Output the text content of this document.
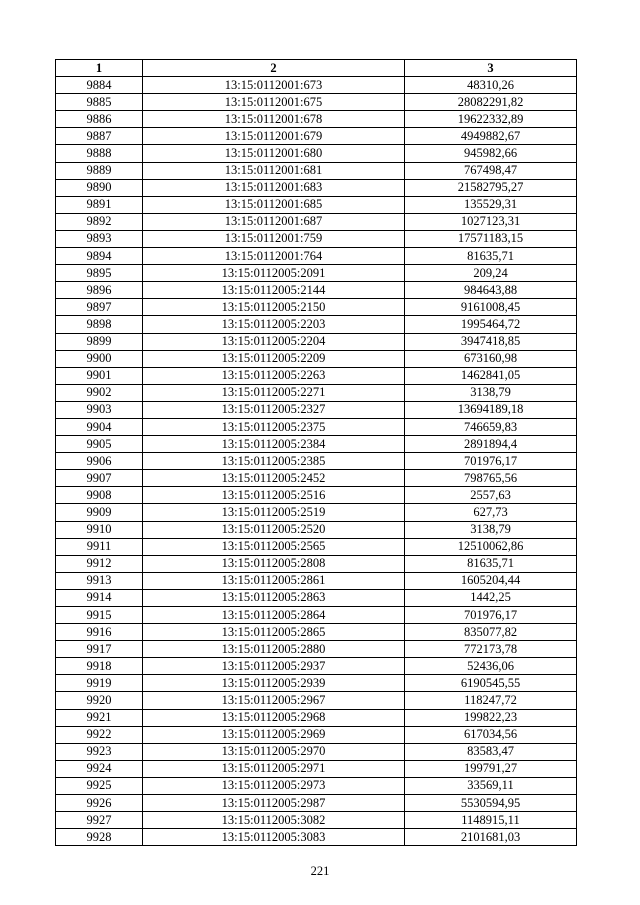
1	2	3
9884	13:15:0112001:673	48310,26
9885	13:15:0112001:675	28082291,82
9886	13:15:0112001:678	19622332,89
9887	13:15:0112001:679	4949882,67
9888	13:15:0112001:680	945982,66
9889	13:15:0112001:681	767498,47
9890	13:15:0112001:683	21582795,27
9891	13:15:0112001:685	135529,31
9892	13:15:0112001:687	1027123,31
9893	13:15:0112001:759	17571183,15
9894	13:15:0112001:764	81635,71
9895	13:15:0112005:2091	209,24
9896	13:15:0112005:2144	984643,88
9897	13:15:0112005:2150	9161008,45
9898	13:15:0112005:2203	1995464,72
9899	13:15:0112005:2204	3947418,85
9900	13:15:0112005:2209	673160,98
9901	13:15:0112005:2263	1462841,05
9902	13:15:0112005:2271	3138,79
9903	13:15:0112005:2327	13694189,18
9904	13:15:0112005:2375	746659,83
9905	13:15:0112005:2384	2891894,4
9906	13:15:0112005:2385	701976,17
9907	13:15:0112005:2452	798765,56
9908	13:15:0112005:2516	2557,63
9909	13:15:0112005:2519	627,73
9910	13:15:0112005:2520	3138,79
9911	13:15:0112005:2565	12510062,86
9912	13:15:0112005:2808	81635,71
9913	13:15:0112005:2861	1605204,44
9914	13:15:0112005:2863	1442,25
9915	13:15:0112005:2864	701976,17
9916	13:15:0112005:2865	835077,82
9917	13:15:0112005:2880	772173,78
9918	13:15:0112005:2937	52436,06
9919	13:15:0112005:2939	6190545,55
9920	13:15:0112005:2967	118247,72
9921	13:15:0112005:2968	199822,23
9922	13:15:0112005:2969	617034,56
9923	13:15:0112005:2970	83583,47
9924	13:15:0112005:2971	199791,27
9925	13:15:0112005:2973	33569,11
9926	13:15:0112005:2987	5530594,95
9927	13:15:0112005:3082	1148915,11
9928	13:15:0112005:3083	2101681,03
221
